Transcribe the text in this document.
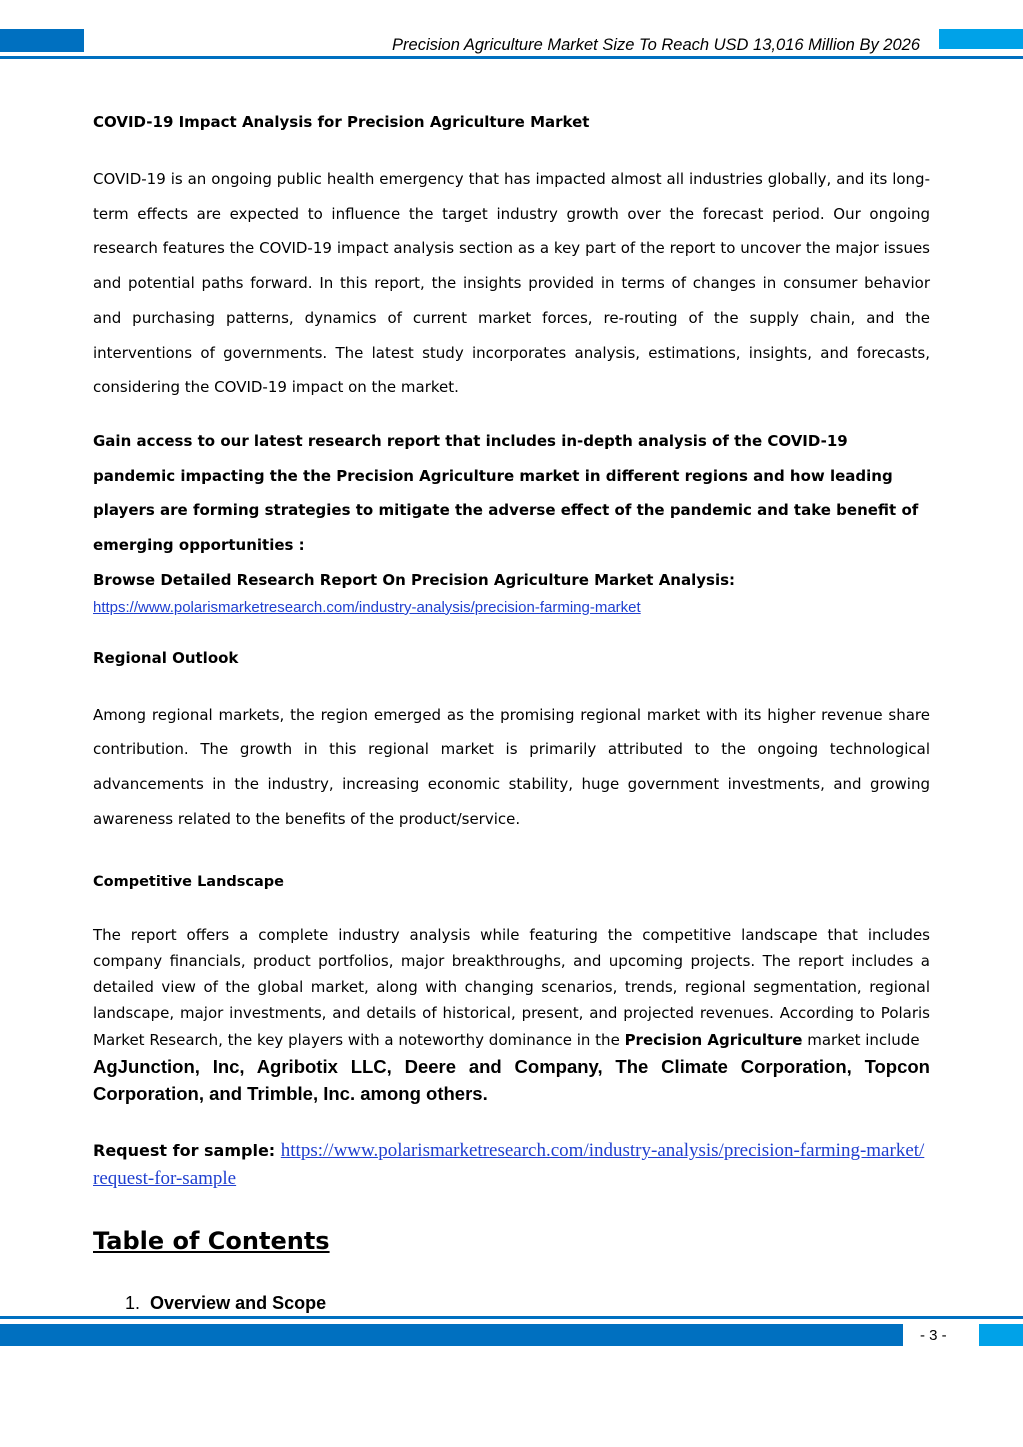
Precision Agriculture Market Size To Reach USD 13,016 Million By 2026

COVID-19 Impact Analysis for Precision Agriculture Market

COVID-19 is an ongoing public health emergency that has impacted almost all industries globally, and its long-term effects are expected to influence the target industry growth over the forecast period. Our ongoing research features the COVID-19 impact analysis section as a key part of the report to uncover the major issues and potential paths forward. In this report, the insights provided in terms of changes in consumer behavior and purchasing patterns, dynamics of current market forces, re-routing of the supply chain, and the interventions of governments. The latest study incorporates analysis, estimations, insights, and forecasts, considering the COVID-19 impact on the market.

Gain access to our latest research report that includes in-depth analysis of the COVID-19 pandemic impacting the the Precision Agriculture market in different regions and how leading players are forming strategies to mitigate the adverse effect of the pandemic and take benefit of emerging opportunities :

Browse Detailed Research Report On Precision Agriculture Market Analysis:

https://www.polarismarketresearch.com/industry-analysis/precision-farming-market

Regional Outlook

Among regional markets, the region emerged as the promising regional market with its higher revenue share contribution. The growth in this regional market is primarily attributed to the ongoing technological advancements in the industry, increasing economic stability, huge government investments, and growing awareness related to the benefits of the product/service.

Competitive Landscape

The report offers a complete industry analysis while featuring the competitive landscape that includes company financials, product portfolios, major breakthroughs, and upcoming projects. The report includes a detailed view of the global market, along with changing scenarios, trends, regional segmentation, regional landscape, major investments, and details of historical, present, and projected revenues. According to Polaris Market Research, the key players with a noteworthy dominance in the Precision Agriculture market include

AgJunction, Inc, Agribotix LLC, Deere and Company, The Climate Corporation, Topcon Corporation, and Trimble, Inc. among others.

Request for sample: https://www.polarismarketresearch.com/industry-analysis/precision-farming-market/request-for-sample

Table of Contents

1. Overview and Scope

- 3 -
